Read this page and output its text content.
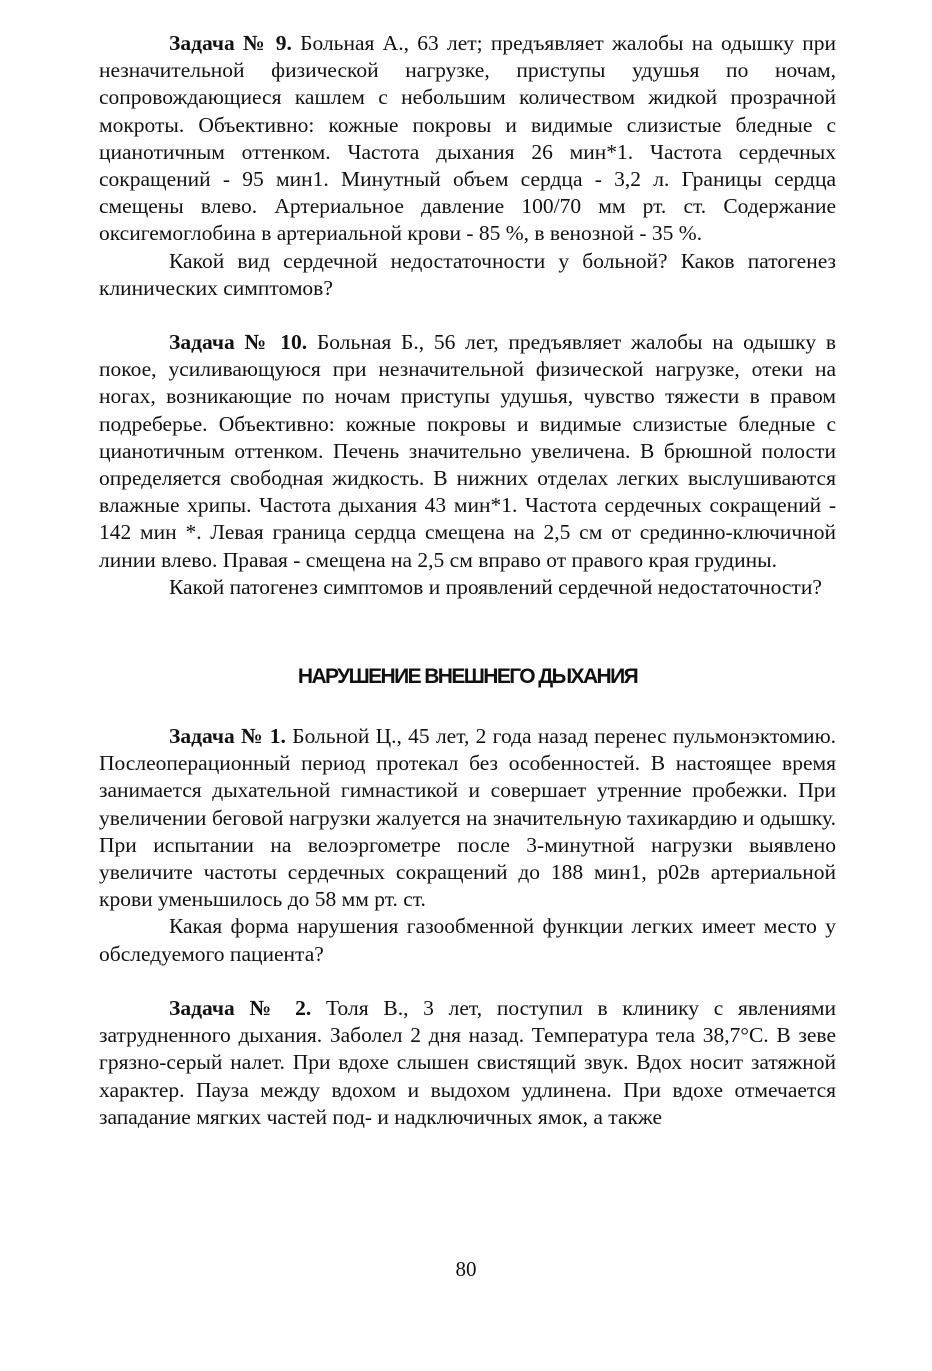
Задача № 9. Больная А., 63 лет; предъявляет жалобы на одышку при незначительной физической нагрузке, приступы удушья по ночам, сопровождающиеся кашлем с небольшим количеством жидкой прозрачной мокроты. Объективно: кожные покровы и видимые слизистые бледные с цианотичным оттенком. Частота дыхания 26 мин*1. Частота сердечных сокращений - 95 мин1. Минутный объем сердца - 3,2 л. Границы сердца смещены влево. Артериальное давление 100/70 мм рт. ст. Содержание оксигемоглобина в артериальной крови - 85 %, в венозной - 35 %.

Какой вид сердечной недостаточности у больной? Каков патогенез клинических симптомов?

Задача № 10. Больная Б., 56 лет, предъявляет жалобы на одышку в покое, усиливающуюся при незначительной физической нагрузке, отеки на ногах, возникающие по ночам приступы удушья, чувство тяжести в правом подреберье. Объективно: кожные покровы и видимые слизистые бледные с цианотичным оттенком. Печень значительно увеличена. В брюшной полости определяется свободная жидкость. В нижних отделах легких выслушиваются влажные хрипы. Частота дыхания 43 мин*1. Частота сердечных сокращений - 142 мин *. Левая граница сердца смещена на 2,5 см от срединно-ключичной линии влево. Правая - смещена на 2,5 см вправо от правого края грудины.

Какой патогенез симптомов и проявлений сердечной недостаточности?

НАРУШЕНИЕ ВНЕШНЕГО ДЫХАНИЯ

Задача № 1. Больной Ц., 45 лет, 2 года назад перенес пульмонэктомию. Послеоперационный период протекал без особенностей. В настоящее время занимается дыхательной гимнастикой и совершает утренние пробежки. При увеличении беговой нагрузки жалуется на значительную тахикардию и одышку. При испытании на велоэргометре после 3-минутной нагрузки выявлено увеличите частоты сердечных сокращений до 188 мин1, р02в артериальной крови уменьшилось до 58 мм рт. ст.

Какая форма нарушения газообменной функции легких имеет место у обследуемого пациента?

Задача № 2. Толя В., 3 лет, поступил в клинику с явлениями затрудненного дыхания. Заболел 2 дня назад. Температура тела 38,7°С. В зеве грязно-серый налет. При вдохе слышен свистящий звук. Вдох носит затяжной характер. Пауза между вдохом и выдохом удлинена. При вдохе отмечается западание мягких частей под- и надключичных ямок, а также

80
